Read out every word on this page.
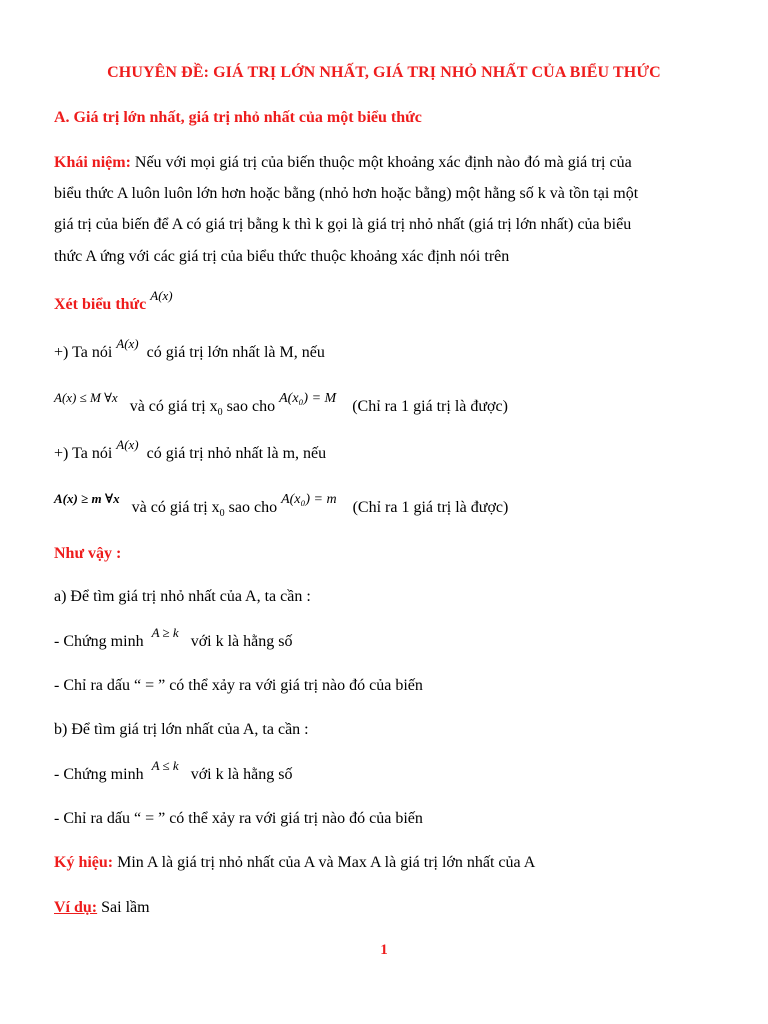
CHUYÊN ĐỀ: GIÁ TRỊ LỚN NHẤT, GIÁ TRỊ NHỎ NHẤT CỦA BIỂU THỨC
A. Giá trị lớn nhất, giá trị nhỏ nhất của một biểu thức
Khái niệm: Nếu với mọi giá trị của biến thuộc một khoảng xác định nào đó mà giá trị của
biểu thức A luôn luôn lớn hơn hoặc bằng (nhỏ hơn hoặc bằng) một hằng số k và tồn tại một
giá trị của biến để A có giá trị bằng k thì k gọi là giá trị nhỏ nhất (giá trị lớn nhất) của biểu
thức A ứng với các giá trị của biểu thức thuộc khoảng xác định nói trên
Xét biểu thức $^{A(x)}$
+) Ta nói $^{A(x)}$  có giá trị lớn nhất là M, nếu
$^{A(x) \le M \forall x}$   và có giá trị $x_0$ sao cho A(x₀) = M (Chỉ ra 1 giá trị là được)
+) Ta nói $^{A(x)}$  có giá trị nhỏ nhất là m, nếu
$^{A(x) \ge m \forall x}$   và có giá trị $x_0$ sao cho A(x₀) = m (Chỉ ra 1 giá trị là được)
Như vậy :
a) Để tìm giá trị nhỏ nhất của A, ta cần :
- Chứng minh  $^{A \ge k}$   với k là hằng số
- Chỉ ra dấu “ = ” có thể xảy ra với giá trị nào đó của biến
b) Để tìm giá trị lớn nhất của A, ta cần :
- Chứng minh  $^{A \le k}$   với k là hằng số
- Chỉ ra dấu “ = ” có thể xảy ra với giá trị nào đó của biến
Ký hiệu: Min A là giá trị nhỏ nhất của A và Max A là giá trị lớn nhất của A
Ví dụ: Sai lầm
1
